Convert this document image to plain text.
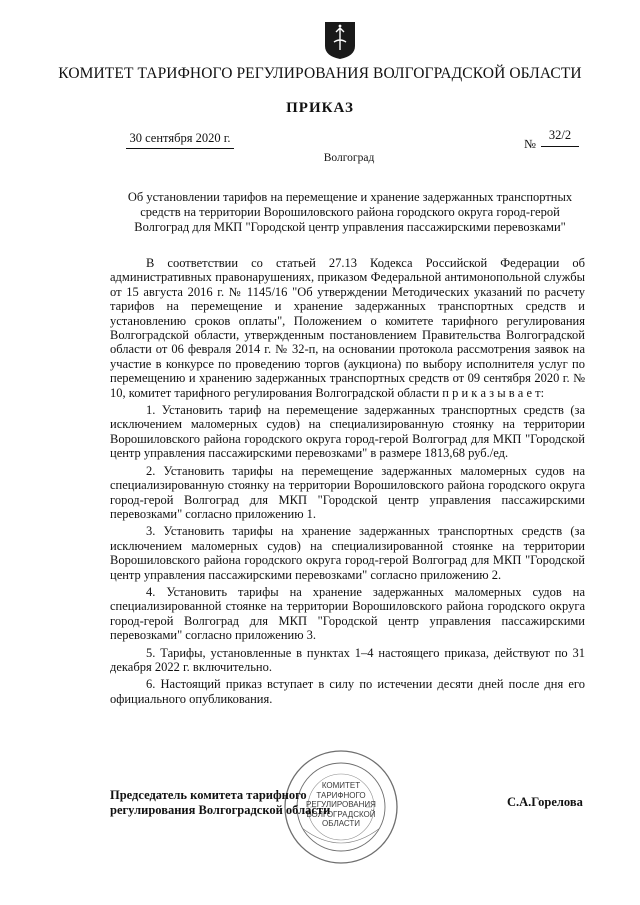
КОМИТЕТ ТАРИФНОГО РЕГУЛИРОВАНИЯ ВОЛГОГРАДСКОЙ ОБЛАСТИ
ПРИКАЗ
30 сентября 2020 г.	№
32/2
Волгоград
Об установлении тарифов на перемещение и хранение задержанных транспортных
средств на территории Ворошиловского района городского округа город-герой
Волгоград для МКП "Городской центр управления пассажирскими перевозками"

В соответствии со статьей 27.13 Кодекса Российской Федерации об административных правонарушениях, приказом Федеральной антимонопольной службы от 15 августа 2016 г. № 1145/16 "Об утверждении Методических указаний по расчету тарифов на перемещение и хранение задержанных транспортных средств и установлению сроков оплаты", Положением о комитете тарифного регулирования Волгоградской области, утвержденным постановлением Правительства Волгоградской области от 06 февраля 2014 г. № 32-п, на основании протокола рассмотрения заявок на участие в конкурсе по проведению торгов (аукциона) по выбору исполнителя услуг по перемещению и хранению задержанных транспортных средств от 09 сентября 2020 г. № 10, комитет тарифного регулирования Волгоградской области п р и к а з ы в а е т:

1. Установить тариф на перемещение задержанных транспортных средств (за исключением маломерных судов) на специализированную стоянку на территории Ворошиловского района городского округа город-герой Волгоград для МКП "Городской центр управления пассажирскими перевозками" в размере 1813,68 руб./ед.

2. Установить тарифы на перемещение задержанных маломерных судов на специализированную стоянку на территории Ворошиловского района городского округа город-герой Волгоград для МКП "Городской центр управления пассажирскими перевозками" согласно приложению 1.

3. Установить тарифы на хранение задержанных транспортных средств (за исключением маломерных судов) на специализированной стоянке на территории Ворошиловского района городского округа город-герой Волгоград для МКП "Городской центр управления пассажирскими перевозками" согласно приложению 2.

4. Установить тарифы на хранение задержанных маломерных судов на специализированной стоянке на территории Ворошиловского района городского округа город-герой Волгоград для МКП "Городской центр управления пассажирскими перевозками" согласно приложению 3.

5. Тарифы, установленные в пунктах 1–4 настоящего приказа, действуют по 31 декабря 2022 г. включительно.

6. Настоящий приказ вступает в силу по истечении десяти дней после дня его официального опубликования.

КОМИТЕТ
ТАРИФНОГО
РЕГУЛИРОВАНИЯ
ВОЛГОГРАДСКОЙ
ОБЛАСТИ
Председатель комитета тарифного
регулирования Волгоградской области
С.А.Горелова
